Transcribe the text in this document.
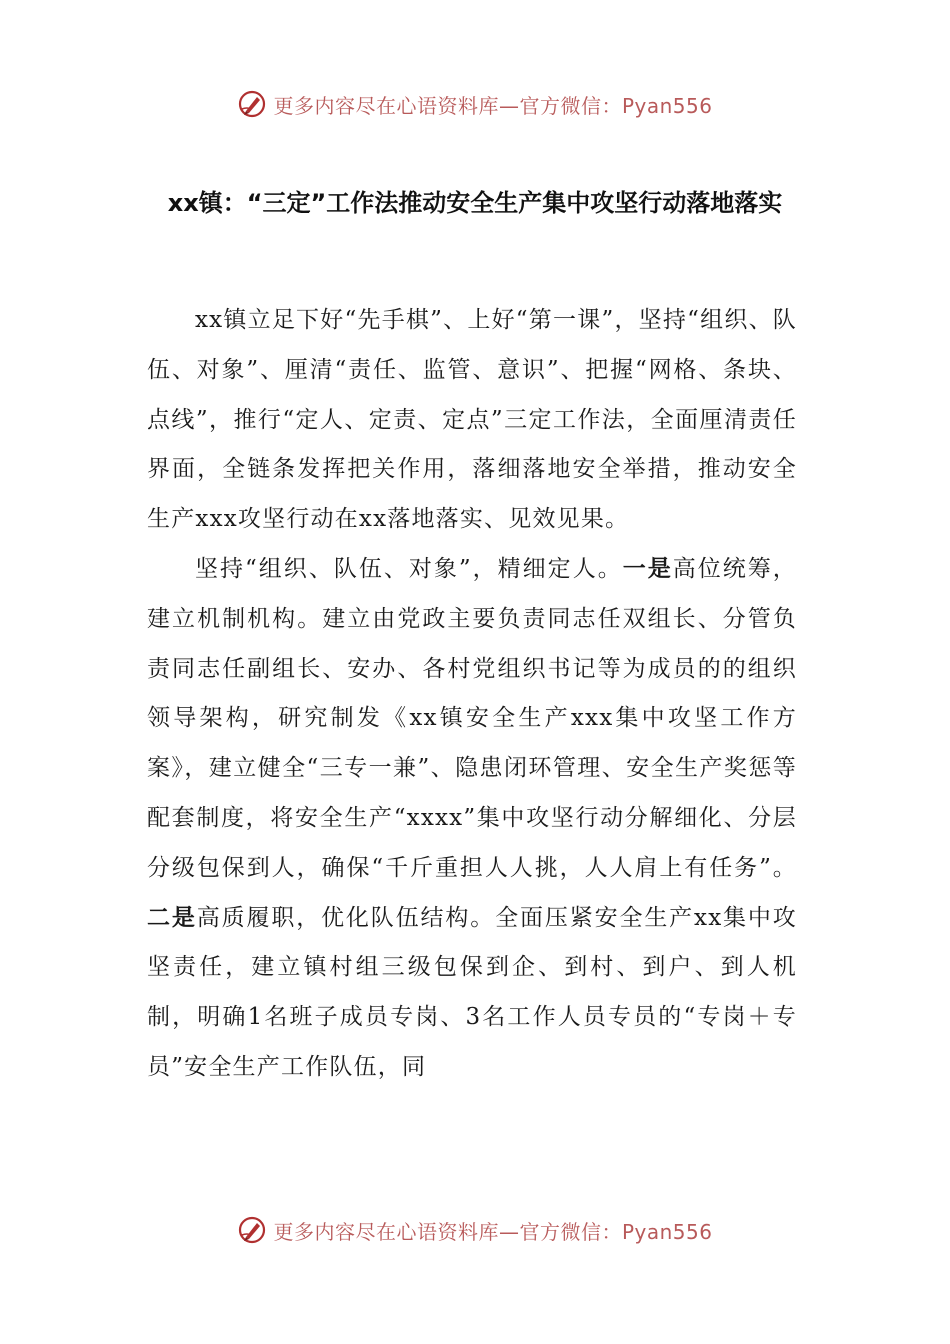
更多内容尽在心语资料库—官方微信：Pyan556
xx镇：“三定”工作法推动安全生产集中攻坚行动落地落实

xx镇立足下好“先手棋”、上好“第一课”，坚持“组织、队伍、对象”、厘清“责任、监管、意识”、把握“网格、条块、点线”，推行“定人、定责、定点”三定工作法，全面厘清责任界面，全链条发挥把关作用，落细落地安全举措，推动安全生产xxx攻坚行动在xx落地落实、见效见果。

坚持“组织、队伍、对象”，精细定人。一是高位统筹，建立机制机构。建立由党政主要负责同志任双组长、分管负责同志任副组长、安办、各村党组织书记等为成员的的组织领导架构，研究制发《xx镇安全生产xxx集中攻坚工作方案》，建立健全“三专一兼”、隐患闭环管理、安全生产奖惩等配套制度，将安全生产“xxxx”集中攻坚行动分解细化、分层分级包保到人，确保“千斤重担人人挑，人人肩上有任务”。二是高质履职，优化队伍结构。全面压紧安全生产xx集中攻坚责任，建立镇村组三级包保到企、到村、到户、到人机制，明确1名班子成员专岗、3名工作人员专员的“专岗＋专员”安全生产工作队伍，同

更多内容尽在心语资料库—官方微信：Pyan556
